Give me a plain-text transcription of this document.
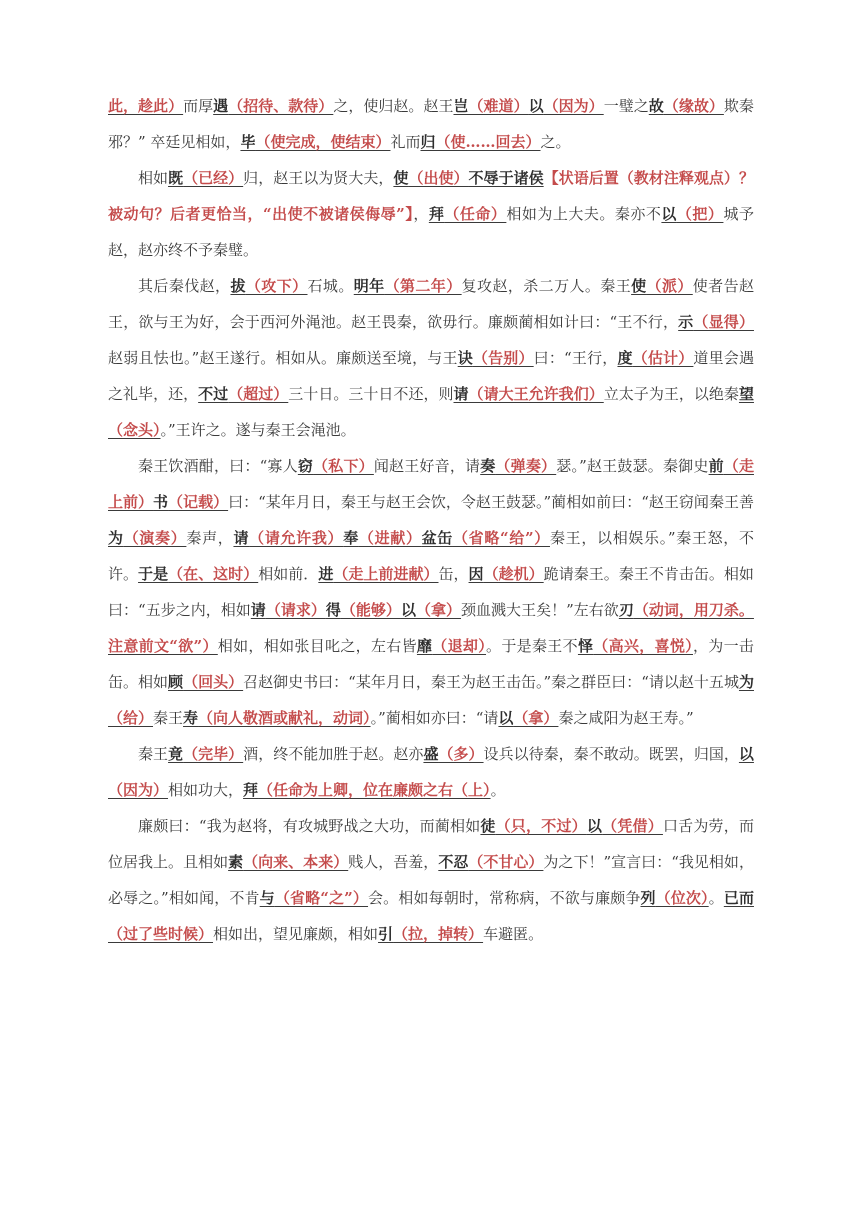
此，趁此）而厚遇（招待、款待）之，使归赵。赵王岂（难道）以（因为）一璧之故（缘故）欺秦邪？” 卒廷见相如，毕（使完成，使结束）礼而归（使……回去）之。

相如既（已经）归，赵王以为贤大夫，使（出使）不辱于诸侯【状语后置（教材注释观点）？被动句？后者更恰当，“出使不被诸侯侮辱”】，拜（任命）相如为上大夫。秦亦不以（把）城予赵，赵亦终不予秦璧。

其后秦伐赵，拔（攻下）石城。明年（第二年）复攻赵，杀二万人。秦王使（派）使者告赵王，欲与王为好，会于西河外渑池。赵王畏秦，欲毋行。廉颇蔺相如计曰：“王不行，示（显得）赵弱且怯也。”赵王遂行。相如从。廉颇送至境，与王诀（告别）曰：“王行，度（估计）道里会遇之礼毕，还，不过（超过）三十日。三十日不还，则请（请大王允许我们）立太子为王，以绝秦望（念头）。”王许之。遂与秦王会渑池。

秦王饮酒酣，曰：“寡人窃（私下）闻赵王好音，请奏（弹奏）瑟。”赵王鼓瑟。秦御史前（走上前）书（记载）曰：“某年月日，秦王与赵王会饮，令赵王鼓瑟。”蔺相如前曰：“赵王窃闻秦王善为（演奏）秦声，请（请允许我）奉（进献）盆缶（省略“给”）秦王，以相娱乐。”秦王怒，不许。于是（在、这时）相如前．进（走上前进献）缶，因（趁机）跪请秦王。秦王不肯击缶。相如曰：“五步之内，相如请（请求）得（能够）以（拿）颈血溅大王矣！”左右欲刃（动词，用刀杀。注意前文“欲”）相如，相如张目叱之，左右皆靡（退却）。于是秦王不怿（高兴，喜悦），为一击缶。相如顾（回头）召赵御史书曰：“某年月日，秦王为赵王击缶。”秦之群臣曰：“请以赵十五城为（给）秦王寿（向人敬酒或献礼，动词）。”蔺相如亦曰：“请以（拿）秦之咸阳为赵王寿。”

秦王竟（完毕）酒，终不能加胜于赵。赵亦盛（多）设兵以待秦，秦不敢动。既罢，归国，以（因为）相如功大，拜（任命为上卿，位在廉颇之右（上）。

廉颇曰：“我为赵将，有攻城野战之大功，而蔺相如徒（只，不过）以（凭借）口舌为劳，而位居我上。且相如素（向来、本来）贱人，吾羞，不忍（不甘心）为之下！”宣言曰：“我见相如，必辱之。”相如闻，不肯与（省略“之”）会。相如每朝时，常称病，不欲与廉颇争列（位次）。已而（过了些时候）相如出，望见廉颇，相如引（拉，掉转）车避匿。
